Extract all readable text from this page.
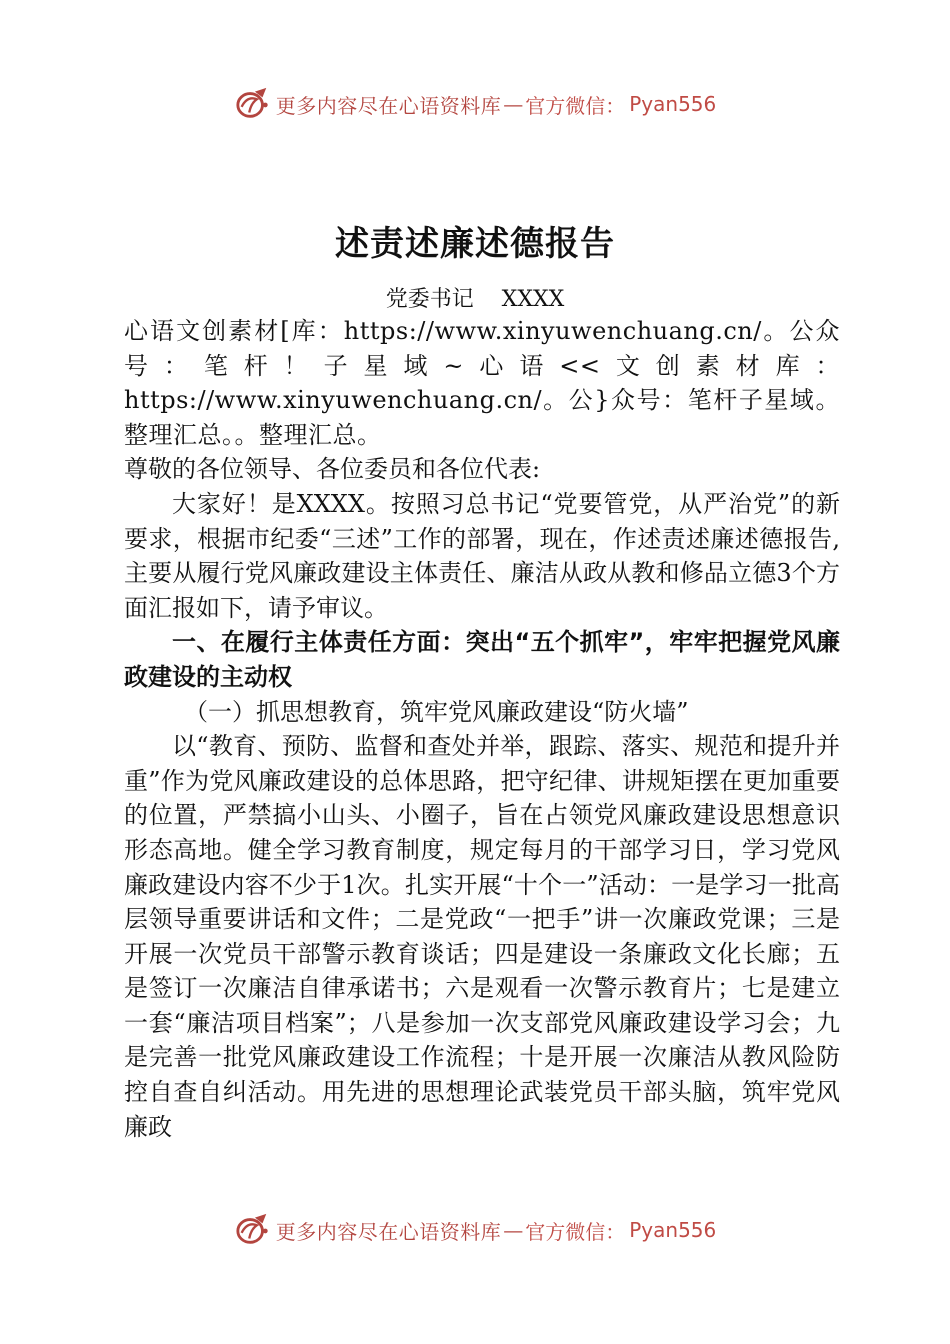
更多内容尽在心语资料库 — 官方微信： Pyan556
述责述廉述德报告
党委书记    XXXX

心语文创素材[库：https://www.xinyuwenchuang.cn/。公众号：笔杆！子星域~心语<<文创素材库：https://www.xinyuwenchuang.cn/。公}众号：笔杆子星域。整理汇总。。整理汇总。

尊敬的各位领导、各位委员和各位代表:

大家好！是XXXX。按照习总书记“党要管党，从严治党”的新要求，根据市纪委“三述”工作的部署，现在，作述责述廉述德报告,主要从履行党风廉政建设主体责任、廉洁从政从教和修品立德3个方面汇报如下，请予审议。

一、在履行主体责任方面：突出“五个抓牢”，牢牢把握党风廉政建设的主动权

（一）抓思想教育，筑牢党风廉政建设“防火墙”

以“教育、预防、监督和查处并举，跟踪、落实、规范和提升并重”作为党风廉政建设的总体思路，把守纪律、讲规矩摆在更加重要的位置，严禁搞小山头、小圈子，旨在占领党风廉政建设思想意识形态高地。健全学习教育制度，规定每月的干部学习日，学习党风廉政建设内容不少于1次。扎实开展“十个一”活动：一是学习一批高层领导重要讲话和文件；二是党政“一把手”讲一次廉政党课；三是开展一次党员干部警示教育谈话；四是建设一条廉政文化长廊；五是签订一次廉洁自律承诺书；六是观看一次警示教育片；七是建立一套“廉洁项目档案”；八是参加一次支部党风廉政建设学习会；九是完善一批党风廉政建设工作流程；十是开展一次廉洁从教风险防控自查自纠活动。用先进的思想理论武装党员干部头脑，筑牢党风廉政

更多内容尽在心语资料库 — 官方微信： Pyan556
